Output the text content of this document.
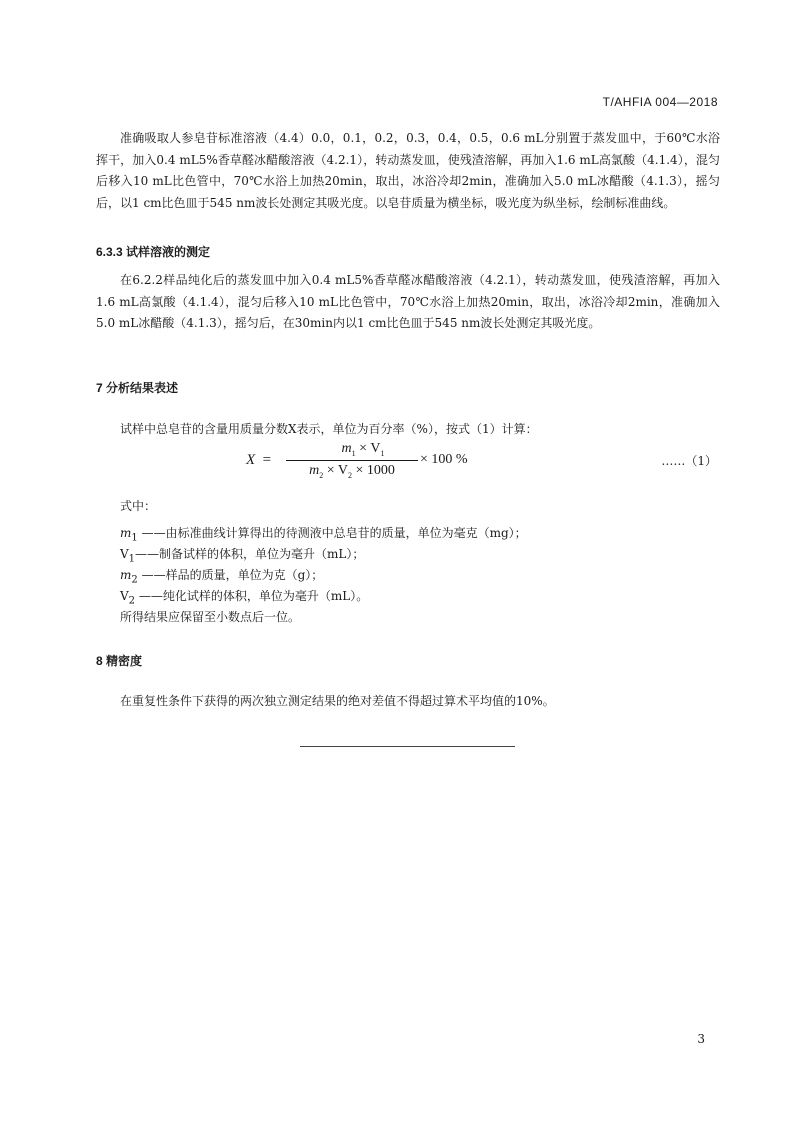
T/AHFIA 004—2018

准确吸取人参皂苷标准溶液（4.4）0.0，0.1，0.2，0.3，0.4，0.5，0.6 mL分别置于蒸发皿中，于60℃水浴挥干，加入0.4 mL5%香草醛冰醋酸溶液（4.2.1），转动蒸发皿，使残渣溶解，再加入1.6 mL高氯酸（4.1.4），混匀后移入10 mL比色管中，70℃水浴上加热20min，取出，冰浴冷却2min，准确加入5.0 mL冰醋酸（4.1.3），摇匀后，以1 cm比色皿于545 nm波长处测定其吸光度。以皂苷质量为横坐标，吸光度为纵坐标，绘制标准曲线。

6.3.3 试样溶液的测定

在6.2.2样品纯化后的蒸发皿中加入0.4 mL5%香草醛冰醋酸溶液（4.2.1），转动蒸发皿，使残渣溶解，再加入1.6 mL高氯酸（4.1.4），混匀后移入10 mL比色管中，70℃水浴上加热20min，取出，冰浴冷却2min，准确加入5.0 mL冰醋酸（4.1.3），摇匀后，在30min内以1 cm比色皿于545 nm波长处测定其吸光度。

7 分析结果表述
试样中总皂苷的含量用质量分数X表示，单位为百分率（%），按式（1）计算：
X =
$m_1 \times V_1$
$m_2 \times V_2 \times 1000$
× 100 %	……（1）
式中：
$m_1$ ——由标准曲线计算得出的待测液中总皂苷的质量，单位为毫克（mg）；
$V_1——$制备试样的体积，单位为毫升（mL）；
$m_2$ ——样品的质量，单位为克（g）；
$V_2$ ——纯化试样的体积，单位为毫升（mL）。
所得结果应保留至小数点后一位。
8 精密度
在重复性条件下获得的两次独立测定结果的绝对差值不得超过算术平均值的10%。
3
